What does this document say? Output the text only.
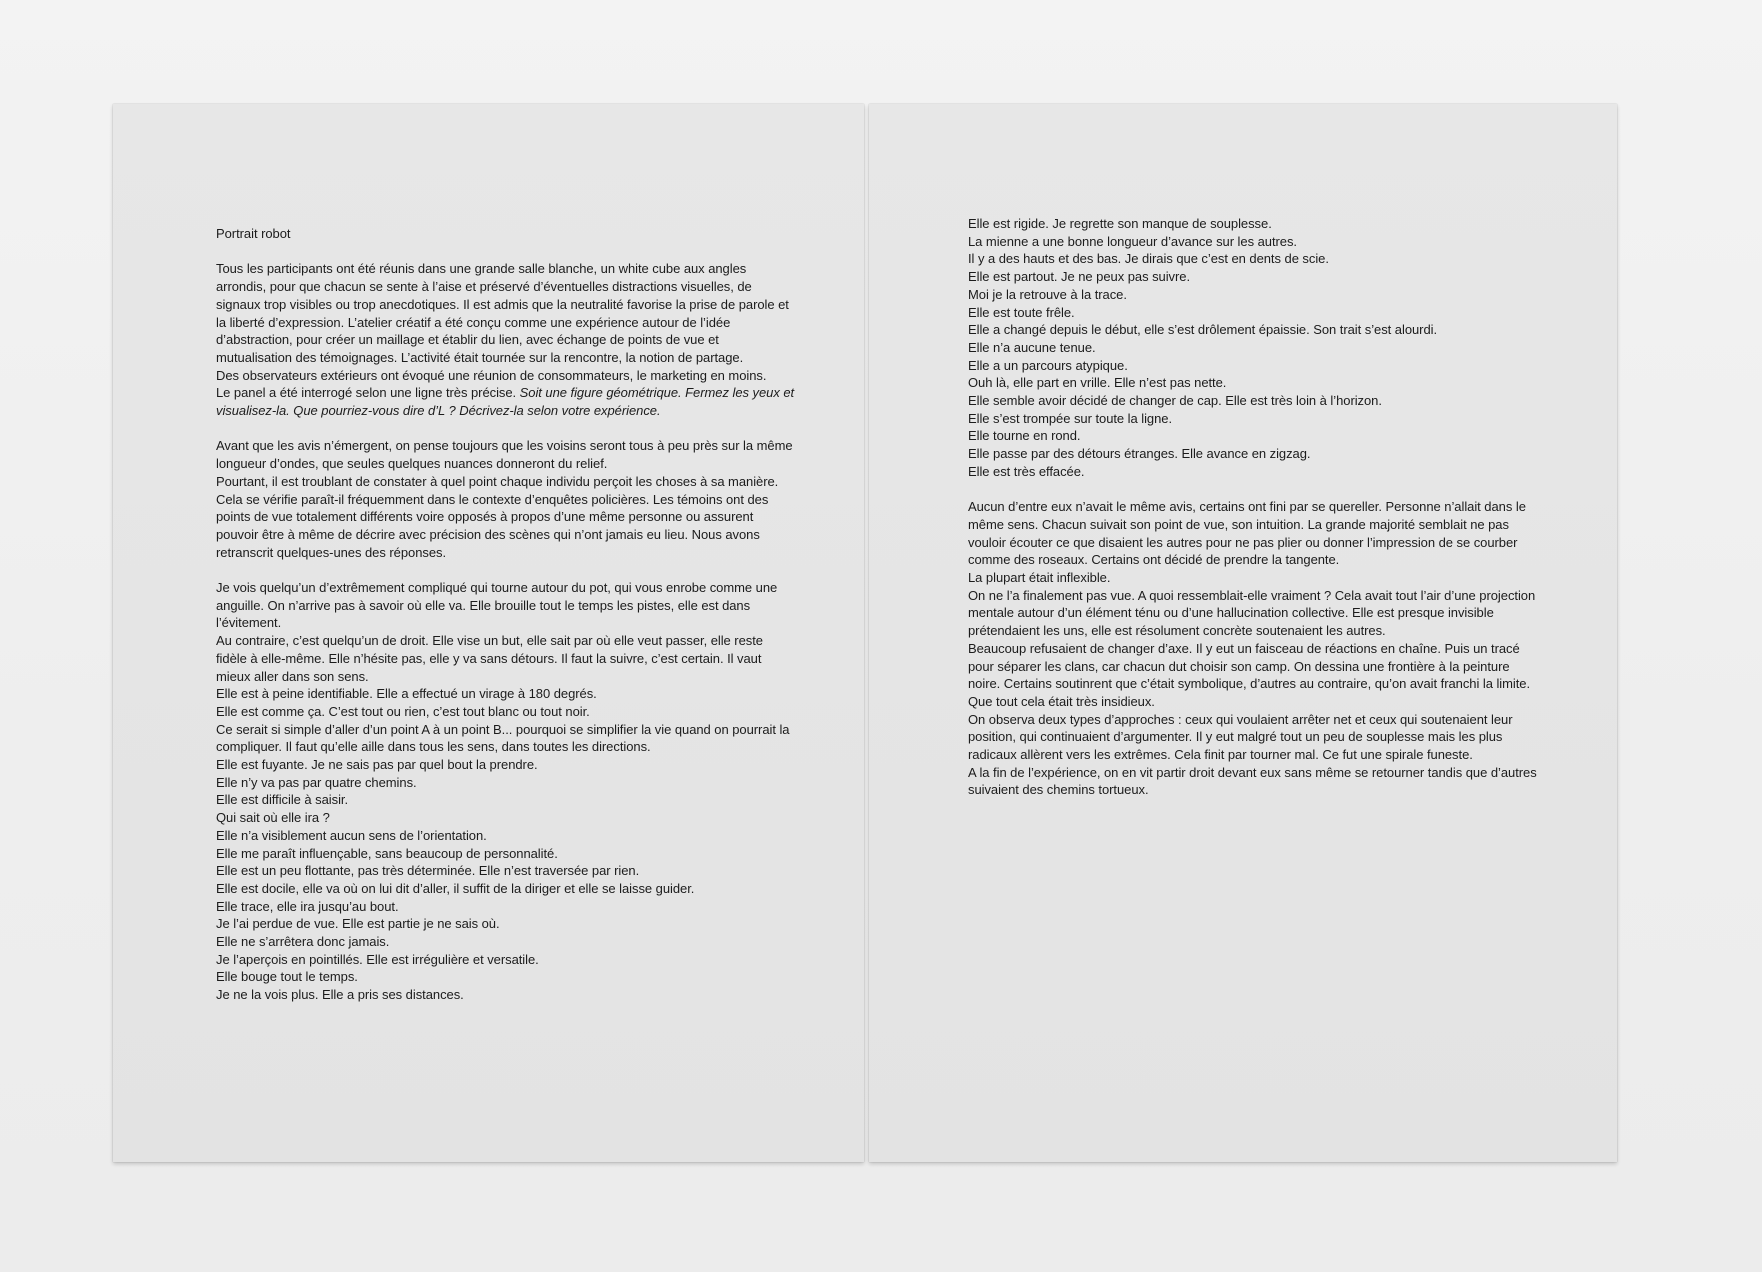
Portrait robot

Tous les participants ont été réunis dans une grande salle blanche, un white cube aux angles arrondis, pour que chacun se sente à l’aise et préservé d’éventuelles distractions visuelles, de signaux trop visibles ou trop anecdotiques. Il est admis que la neutralité favorise la prise de parole et la liberté d’expression. L’atelier créatif a été conçu comme une expérience autour de l’idée d’abstraction, pour créer un maillage et établir du lien, avec échange de points de vue et mutualisation des témoignages. L’activité était tournée sur la rencontre, la notion de partage.

Des observateurs extérieurs ont évoqué une réunion de consommateurs, le marketing en moins.

Le panel a été interrogé selon une ligne très précise. Soit une figure géométrique. Fermez les yeux et visualisez-la. Que pourriez-vous dire d’L ? Décrivez-la selon votre expérience.

Avant que les avis n’émergent, on pense toujours que les voisins seront tous à peu près sur la même longueur d’ondes, que seules quelques nuances donneront du relief.

Pourtant, il est troublant de constater à quel point chaque individu perçoit les choses à sa manière. Cela se vérifie paraît-il fréquemment dans le contexte d’enquêtes policières. Les témoins ont des points de vue totalement différents voire opposés à propos d’une même personne ou assurent pouvoir être à même de décrire avec précision des scènes qui n’ont jamais eu lieu. Nous avons retranscrit quelques-unes des réponses.

Je vois quelqu’un d’extrêmement compliqué qui tourne autour du pot, qui vous enrobe comme une anguille. On n’arrive pas à savoir où elle va. Elle brouille tout le temps les pistes, elle est dans l’évitement.

Au contraire, c’est quelqu’un de droit. Elle vise un but, elle sait par où elle veut passer, elle reste fidèle à elle-même. Elle n’hésite pas, elle y va sans détours. Il faut la suivre, c’est certain. Il vaut mieux aller dans son sens.

Elle est à peine identifiable. Elle a effectué un virage à 180 degrés.

Elle est comme ça. C’est tout ou rien, c’est tout blanc ou tout noir.

Ce serait si simple d’aller d’un point A à un point B... pourquoi se simplifier la vie quand on pourrait la compliquer. Il faut qu’elle aille dans tous les sens, dans toutes les directions.

Elle est fuyante. Je ne sais pas par quel bout la prendre.

Elle n’y va pas par quatre chemins.

Elle est difficile à saisir.

Qui sait où elle ira ?

Elle n’a visiblement aucun sens de l’orientation.

Elle me paraît influençable, sans beaucoup de personnalité.

Elle est un peu flottante, pas très déterminée. Elle n’est traversée par rien.

Elle est docile, elle va où on lui dit d’aller, il suffit de la diriger et elle se laisse guider.

Elle trace, elle ira jusqu’au bout.

Je l’ai perdue de vue. Elle est partie je ne sais où.

Elle ne s’arrêtera donc jamais.

Je l’aperçois en pointillés. Elle est irrégulière et versatile.

Elle bouge tout le temps.

Je ne la vois plus. Elle a pris ses distances.

Elle est rigide. Je regrette son manque de souplesse.

La mienne a une bonne longueur d’avance sur les autres.

Il y a des hauts et des bas. Je dirais que c’est en dents de scie.

Elle est partout. Je ne peux pas suivre.

Moi je la retrouve à la trace.

Elle est toute frêle.

Elle a changé depuis le début, elle s’est drôlement épaissie. Son trait s’est alourdi.

Elle n’a aucune tenue.

Elle a un parcours atypique.

Ouh là, elle part en vrille. Elle n’est pas nette.

Elle semble avoir décidé de changer de cap. Elle est très loin à l’horizon.

Elle s’est trompée sur toute la ligne.

Elle tourne en rond.

Elle passe par des détours étranges. Elle avance en zigzag.

Elle est très effacée.

Aucun d’entre eux n’avait le même avis, certains ont fini par se quereller. Personne n’allait dans le même sens. Chacun suivait son point de vue, son intuition. La grande majorité semblait ne pas vouloir écouter ce que disaient les autres pour ne pas plier ou donner l’impression de se courber comme des roseaux. Certains ont décidé de prendre la tangente.

La plupart était inflexible.

On ne l’a finalement pas vue. A quoi ressemblait-elle vraiment ? Cela avait tout l’air d’une projection mentale autour d’un élément ténu ou d’une hallucination collective. Elle est presque invisible prétendaient les uns, elle est résolument concrète soutenaient les autres.

Beaucoup refusaient de changer d’axe. Il y eut un faisceau de réactions en chaîne. Puis un tracé pour séparer les clans, car chacun dut choisir son camp. On dessina une frontière à la peinture noire. Certains soutinrent que c’était symbolique, d’autres au contraire, qu’on avait franchi la limite. Que tout cela était très insidieux.

On observa deux types d’approches : ceux qui voulaient arrêter net et ceux qui soutenaient leur position, qui continuaient d’argumenter. Il y eut malgré tout un peu de souplesse mais les plus radicaux allèrent vers les extrêmes. Cela finit par tourner mal. Ce fut une spirale funeste.

A la fin de l’expérience, on en vit partir droit devant eux sans même se retourner tandis que d’autres suivaient des chemins tortueux.
